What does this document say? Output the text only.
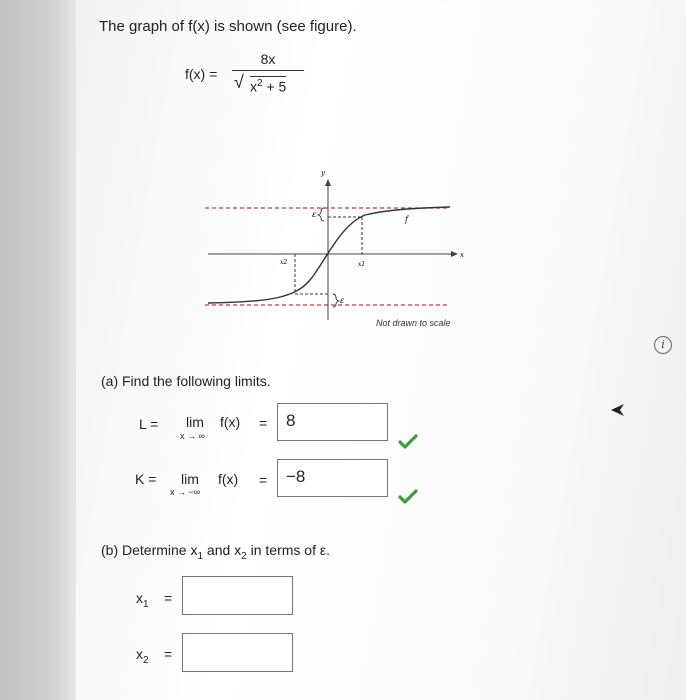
The graph of f(x) is shown (see figure).
f(x) =
8x
√ $x^2 + 5$
y
x
ε
ε
f
x1
x2
Not drawn to scale
i
(a) Find the following limits.
L = lim
x → ∞
f(x) = 8
K = lim
x → −∞
f(x) = −8
(b) Determine $x_1$ and $x_2$ in terms of ε.
$x_1$ =
$x_2$ =
